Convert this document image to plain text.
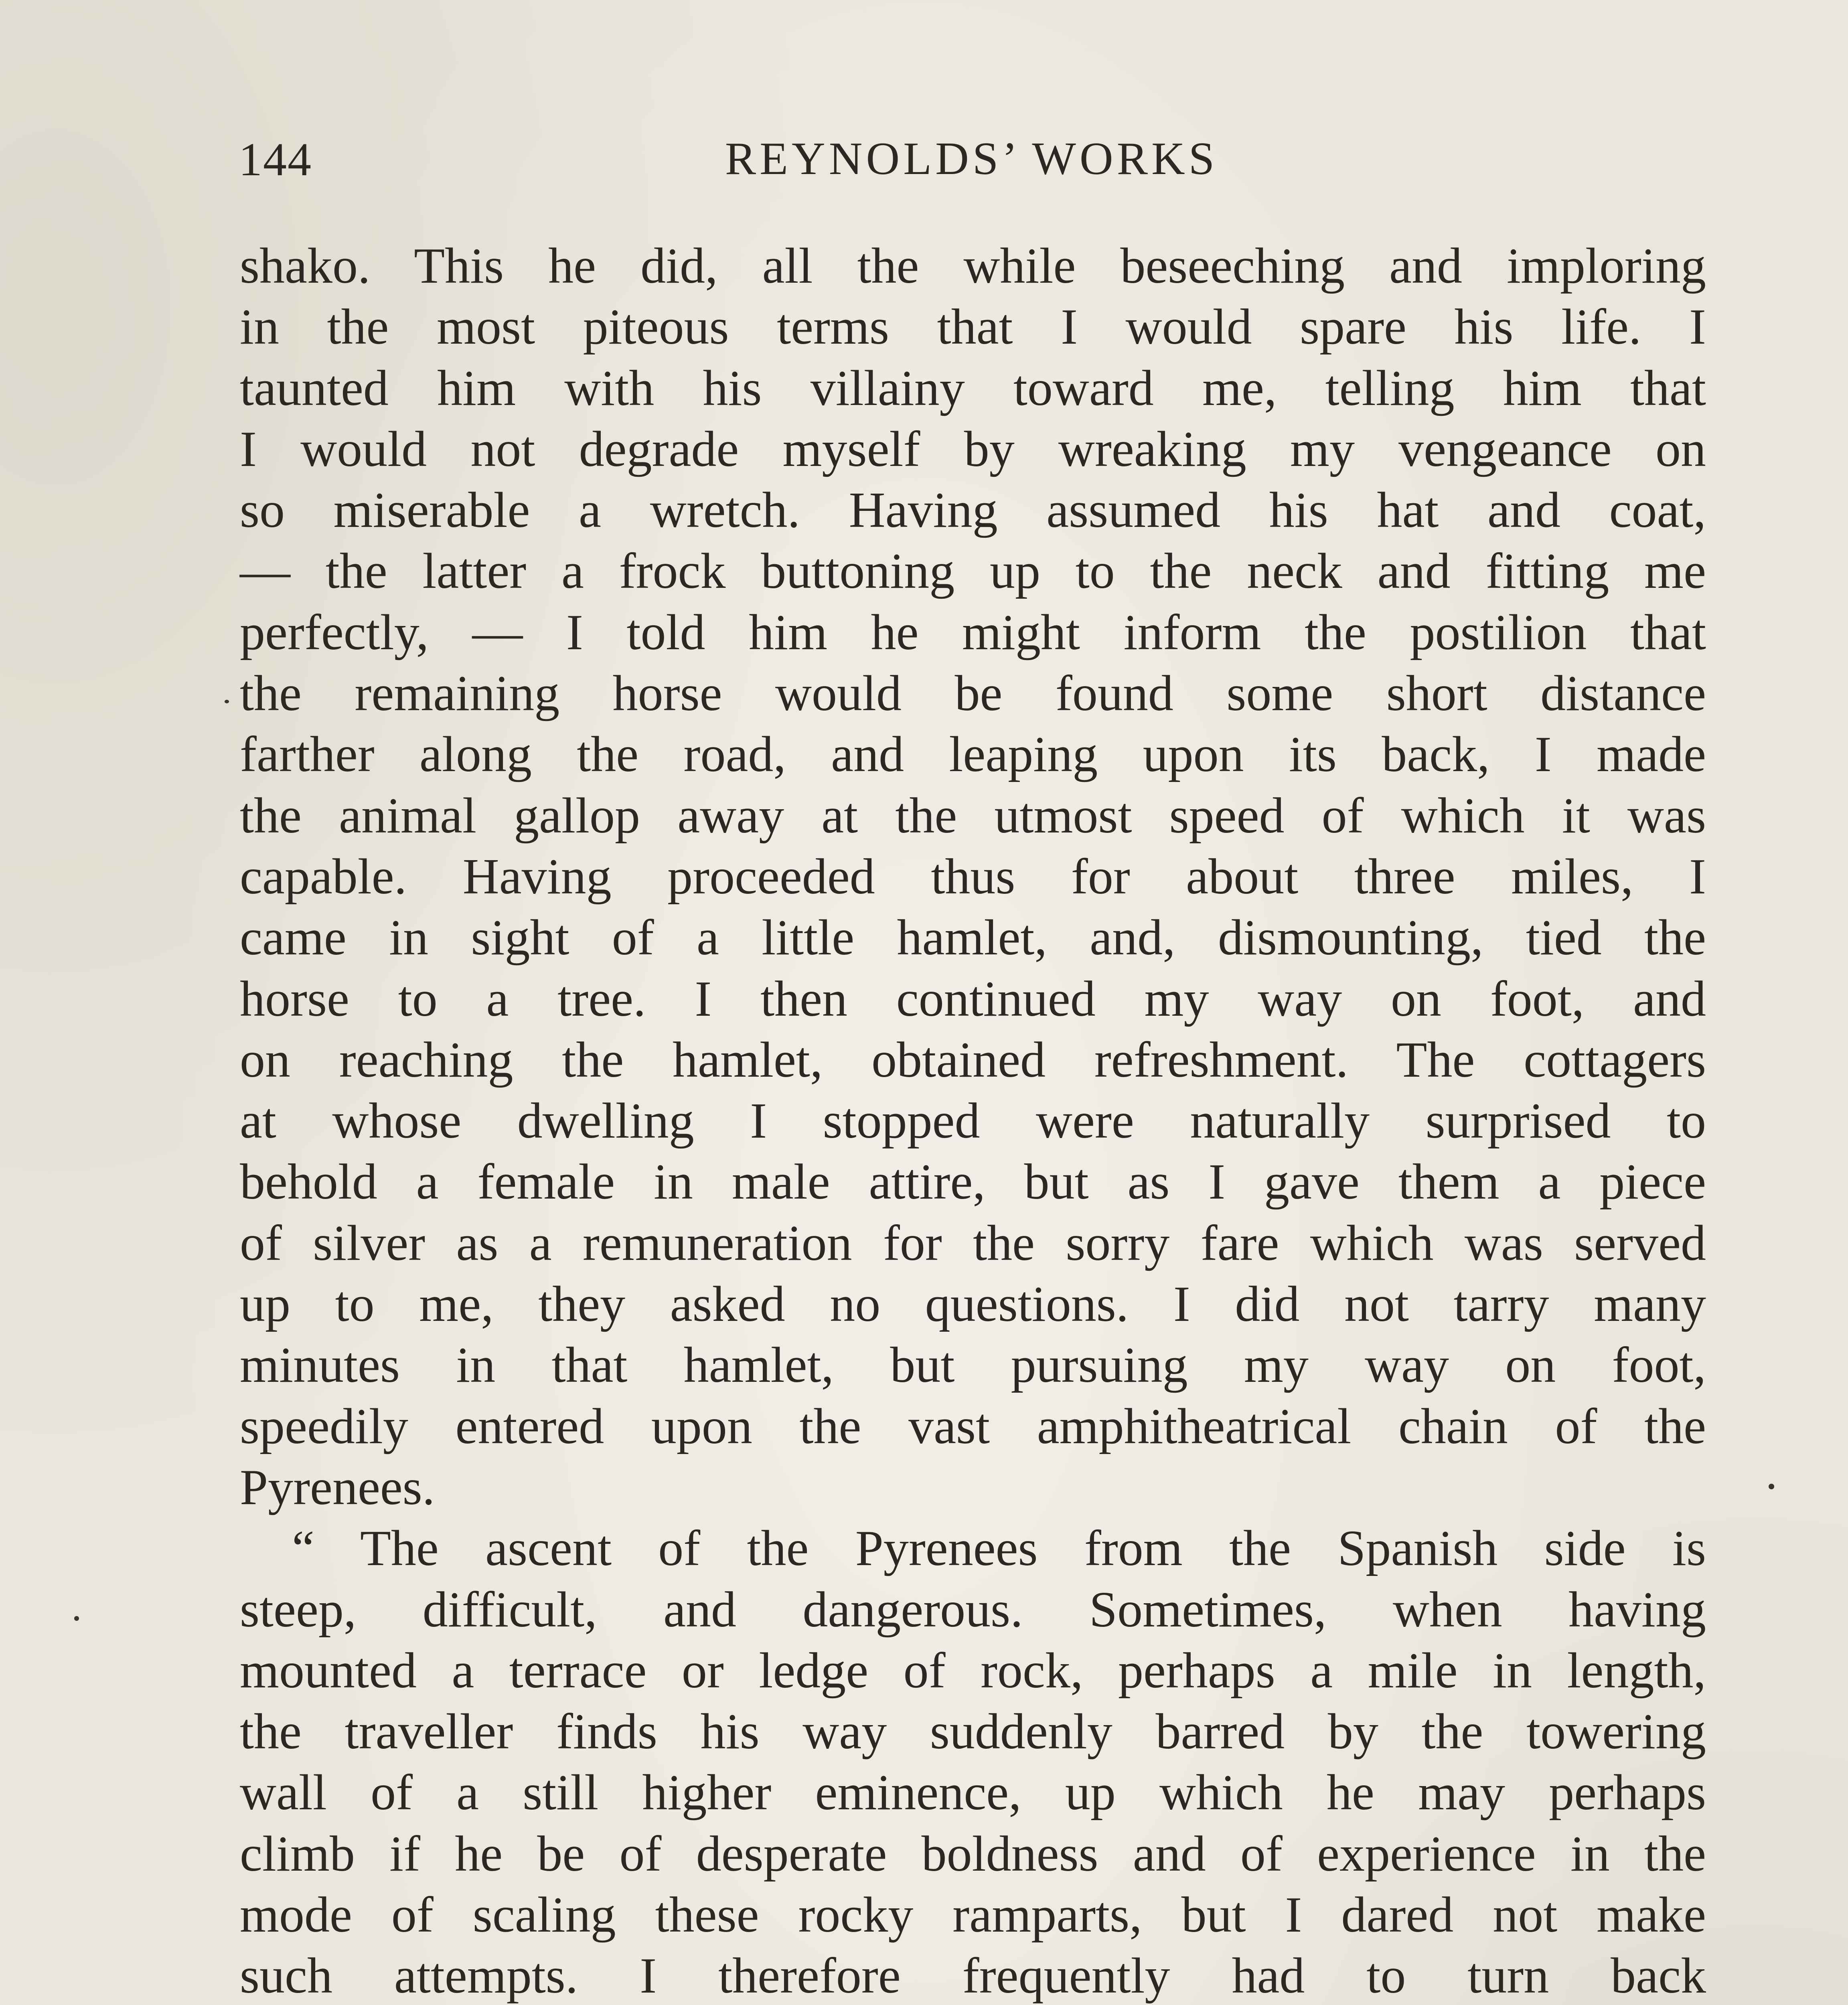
144	REYNOLDS’ WORKS
shako. This he did, all the while beseeching and imploring
in the most piteous terms that I would spare his life. I
taunted him with his villainy toward me, telling him that
I would not degrade myself by wreaking my vengeance on
so miserable a wretch. Having assumed his hat and coat,
— the latter a frock buttoning up to the neck and fitting me
perfectly, — I told him he might inform the postilion that
the remaining horse would be found some short distance
farther along the road, and leaping upon its back, I made
the animal gallop away at the utmost speed of which it was
capable. Having proceeded thus for about three miles, I
came in sight of a little hamlet, and, dismounting, tied the
horse to a tree. I then continued my way on foot, and
on reaching the hamlet, obtained refreshment. The cottagers
at whose dwelling I stopped were naturally surprised to
behold a female in male attire, but as I gave them a piece
of silver as a remuneration for the sorry fare which was served
up to me, they asked no questions. I did not tarry many
minutes in that hamlet, but pursuing my way on foot,
speedily entered upon the vast amphitheatrical chain of the
Pyrenees.
“ The ascent of the Pyrenees from the Spanish side is
steep, difficult, and dangerous. Sometimes, when having
mounted a terrace or ledge of rock, perhaps a mile in length,
the traveller finds his way suddenly barred by the towering
wall of a still higher eminence, up which he may perhaps
climb if he be of desperate boldness and of experience in the
mode of scaling these rocky ramparts, but I dared not make
such attempts. I therefore frequently had to turn back
